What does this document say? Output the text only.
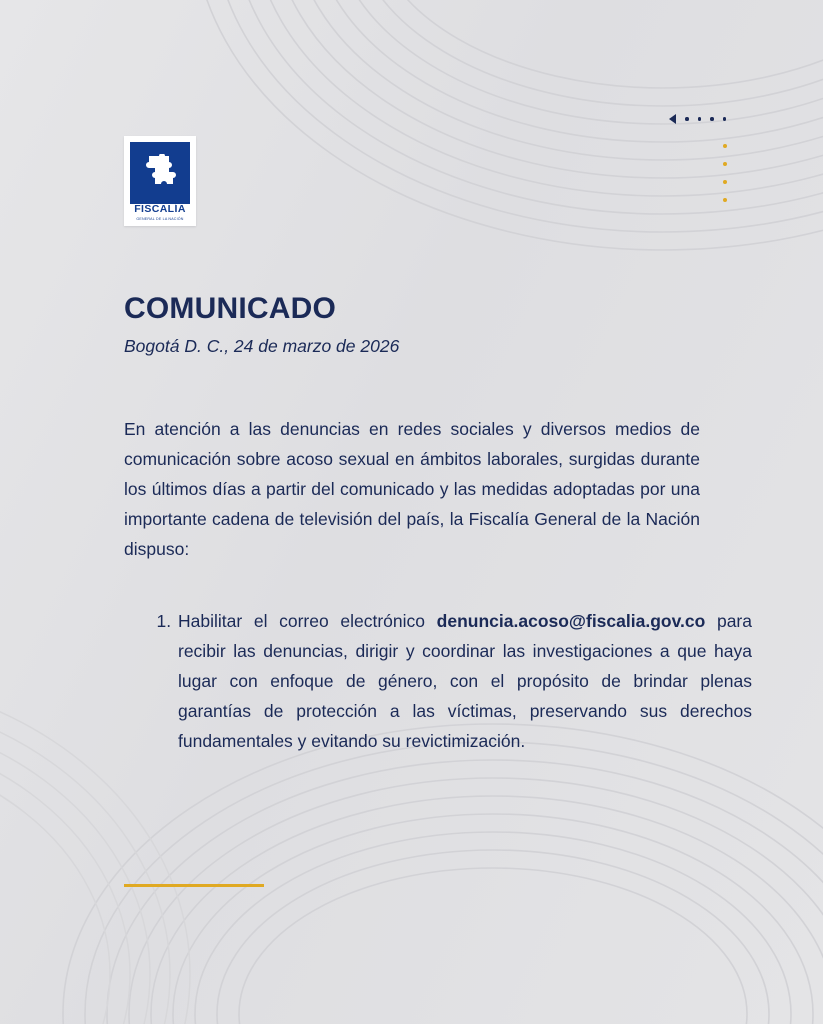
FISCALÍA
GENERAL DE LA NACIÓN
COMUNICADO
Bogotá D. C., 24 de marzo de 2026

En atención a las denuncias en redes sociales y diversos medios de comunicación sobre acoso sexual en ámbitos laborales, surgidas durante los últimos días a partir del comunicado y las medidas adoptadas por una importante cadena de televisión del país, la Fiscalía General de la Nación dispuso:

1. Habilitar el correo electrónico denuncia.acoso@fiscalia.gov.co para recibir las denuncias, dirigir y coordinar las investigaciones a que haya lugar con enfoque de género, con el propósito de brindar plenas garantías de protección a las víctimas, preservando sus derechos fundamentales y evitando su revictimización.
